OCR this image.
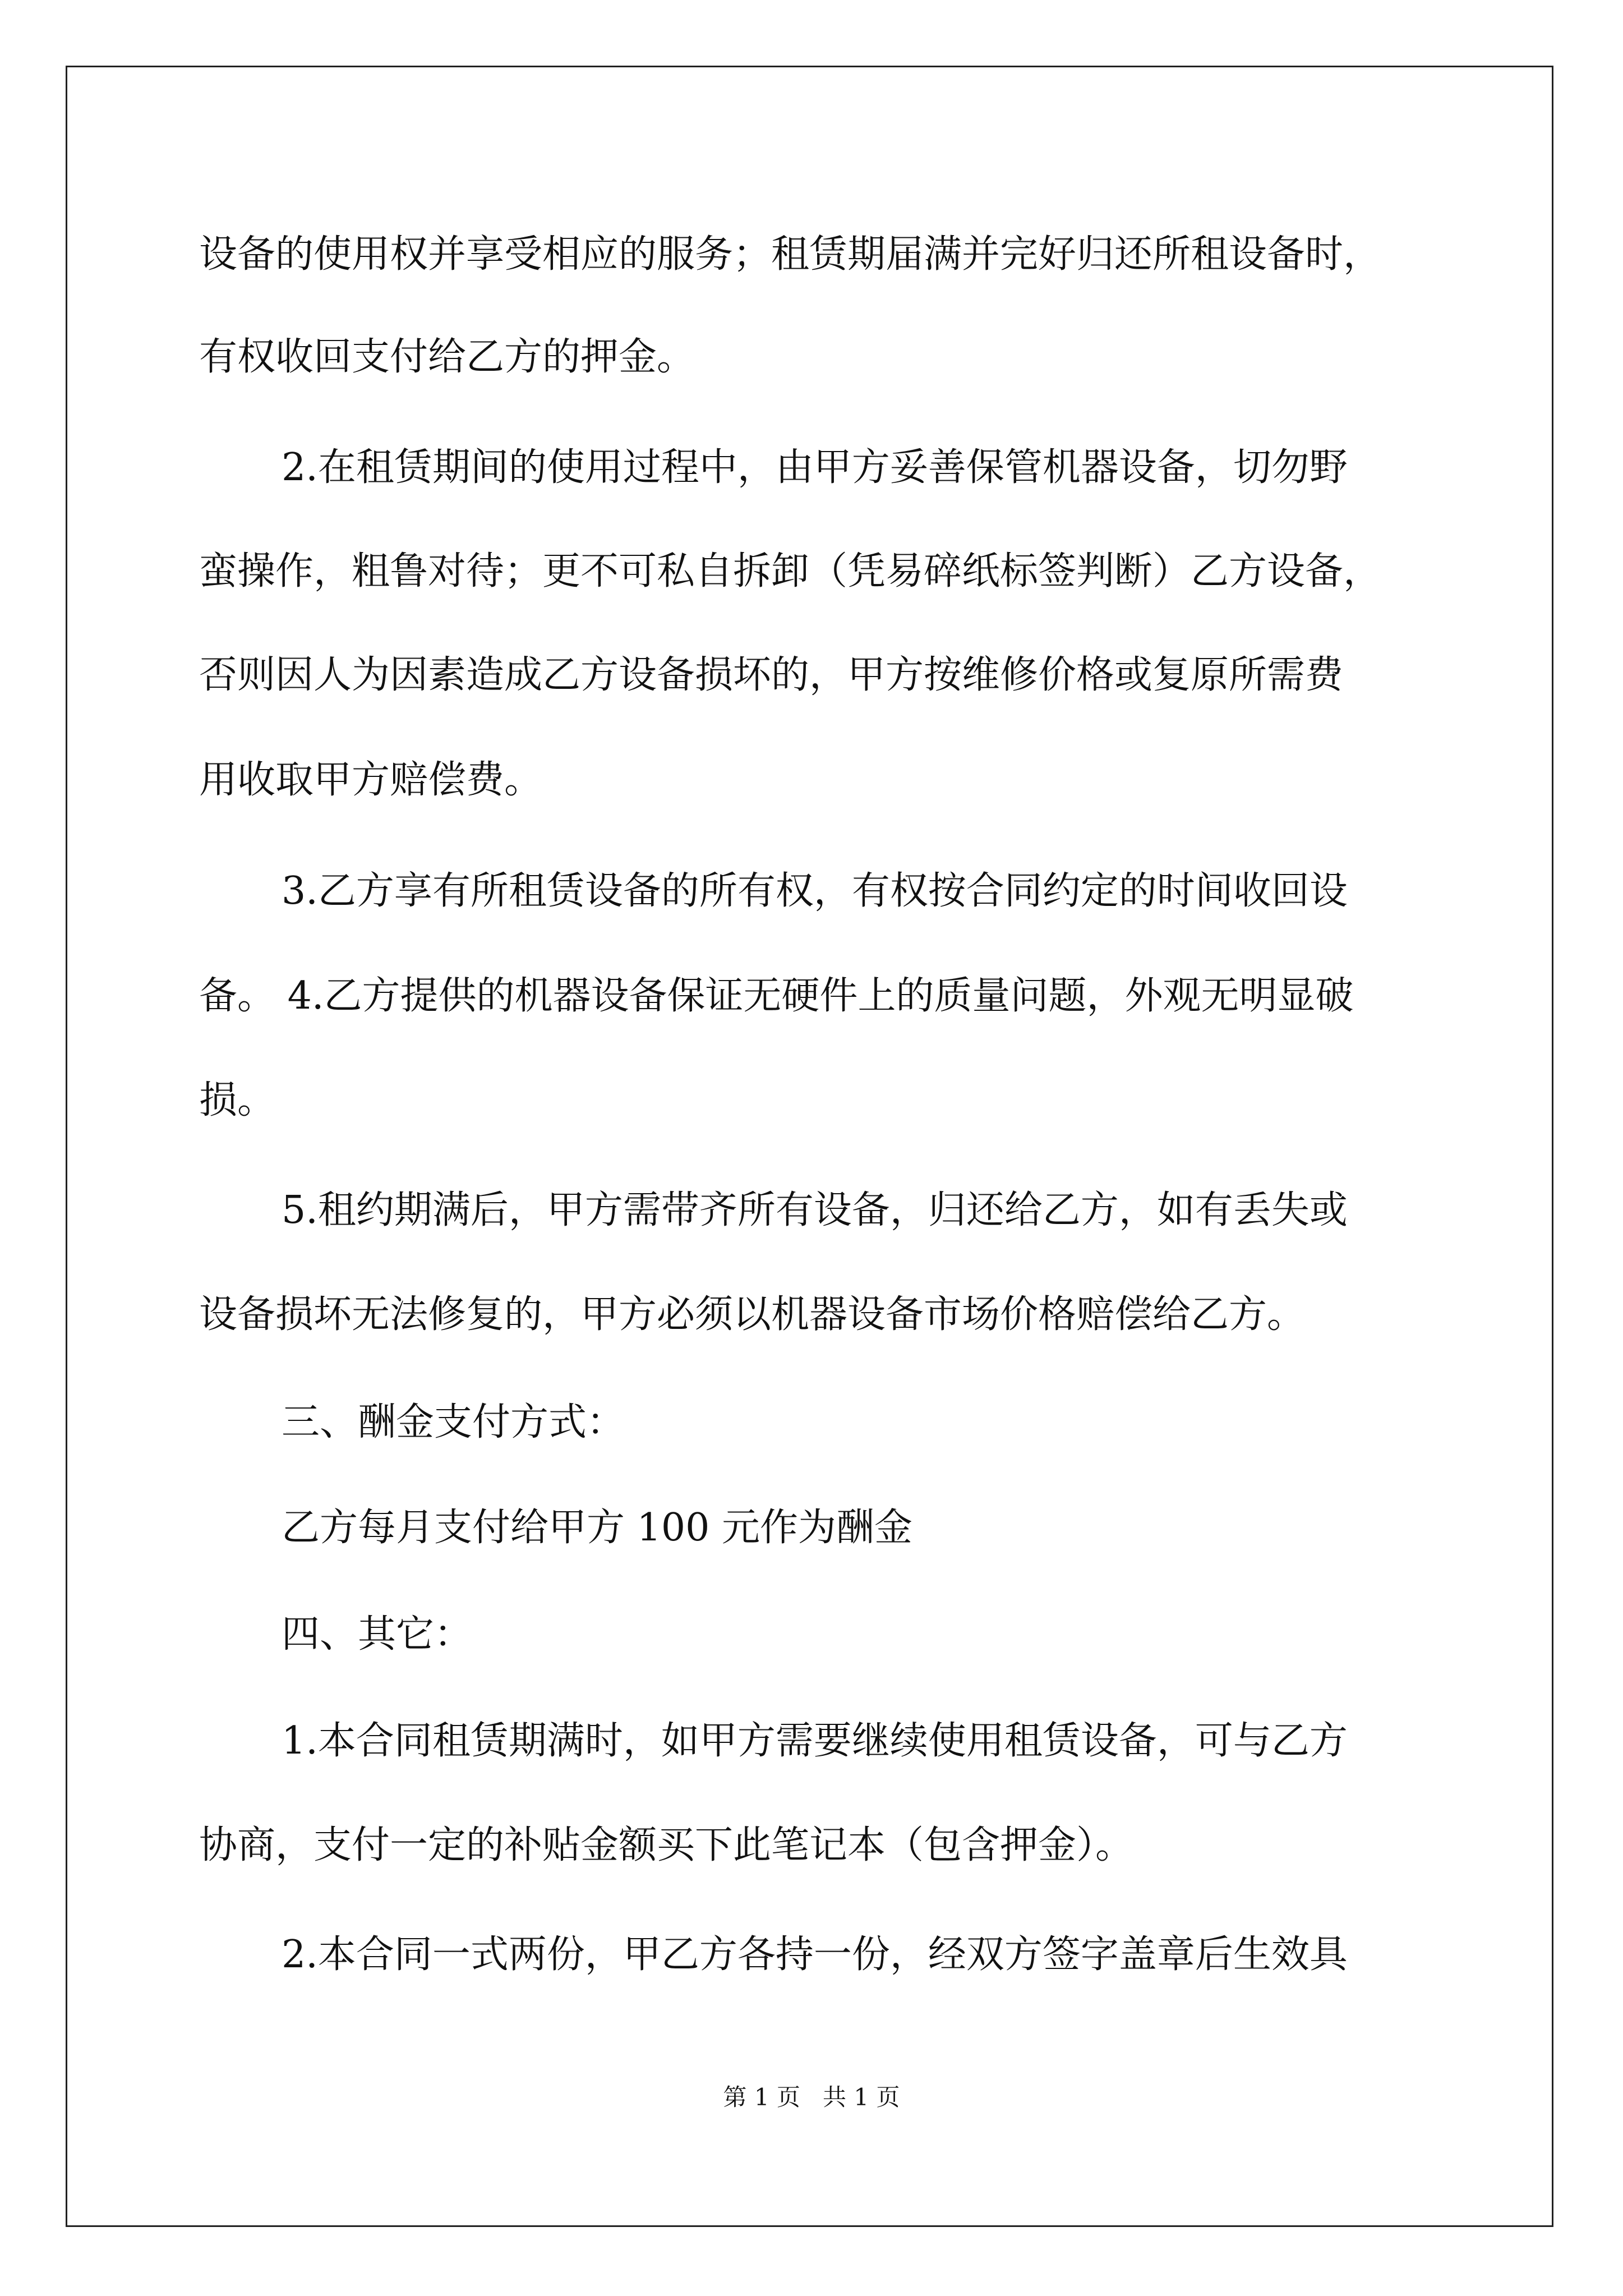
设备的使用权并享受相应的服务；租赁期届满并完好归还所租设备时，
有权收回支付给乙方的押金。
2.在租赁期间的使用过程中，由甲方妥善保管机器设备，切勿野
蛮操作，粗鲁对待；更不可私自拆卸（凭易碎纸标签判断）乙方设备，
否则因人为因素造成乙方设备损坏的，甲方按维修价格或复原所需费
用收取甲方赔偿费。
3.乙方享有所租赁设备的所有权，有权按合同约定的时间收回设
备。 4.乙方提供的机器设备保证无硬件上的质量问题，外观无明显破
损。
5.租约期满后，甲方需带齐所有设备，归还给乙方，如有丢失或
设备损坏无法修复的，甲方必须以机器设备市场价格赔偿给乙方。
三、酬金支付方式：
乙方每月支付给甲方 100 元作为酬金
四、其它：
1.本合同租赁期满时，如甲方需要继续使用租赁设备，可与乙方
协商，支付一定的补贴金额买下此笔记本（包含押金）。
2.本合同一式两份，甲乙方各持一份，经双方签字盖章后生效具
第 1 页   共 1 页
